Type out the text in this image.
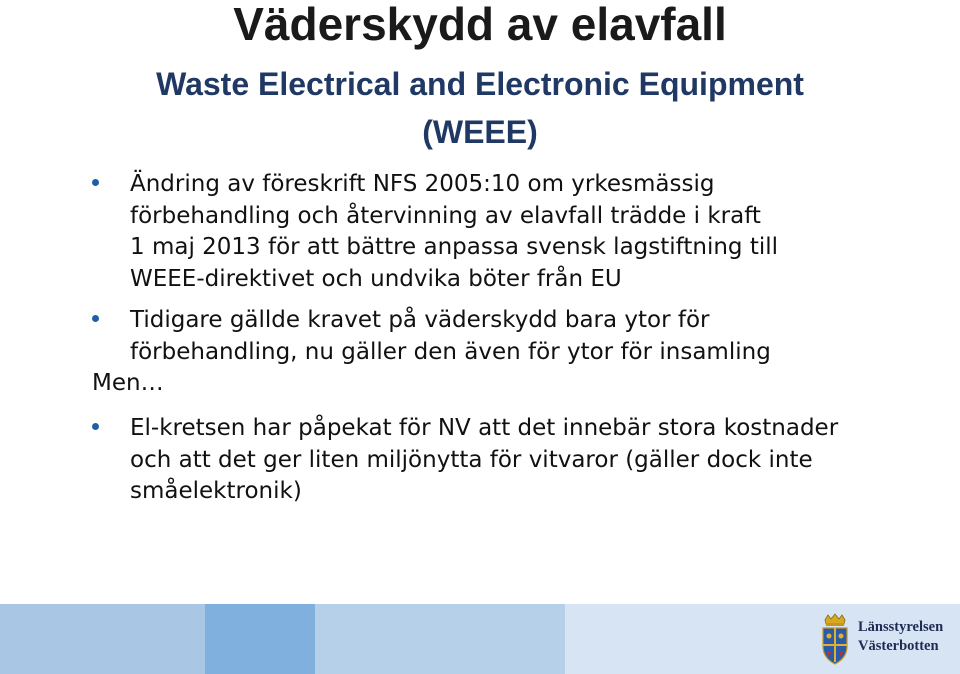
Väderskydd av elavfall
Waste Electrical and Electronic Equipment
(WEEE)
Ändring av föreskrift NFS 2005:10 om yrkesmässig
förbehandling och återvinning av elavfall trädde i kraft
1 maj 2013 för att bättre anpassa svensk lagstiftning till
WEEE-direktivet och undvika böter från EU
Tidigare gällde kravet på väderskydd bara ytor för
förbehandling, nu gäller den även för ytor för insamling
Men…
El-kretsen har påpekat för NV att det innebär stora kostnader
och att det ger liten miljönytta för vitvaror (gäller dock inte
småelektronik)
Länsstyrelsen
Västerbotten
